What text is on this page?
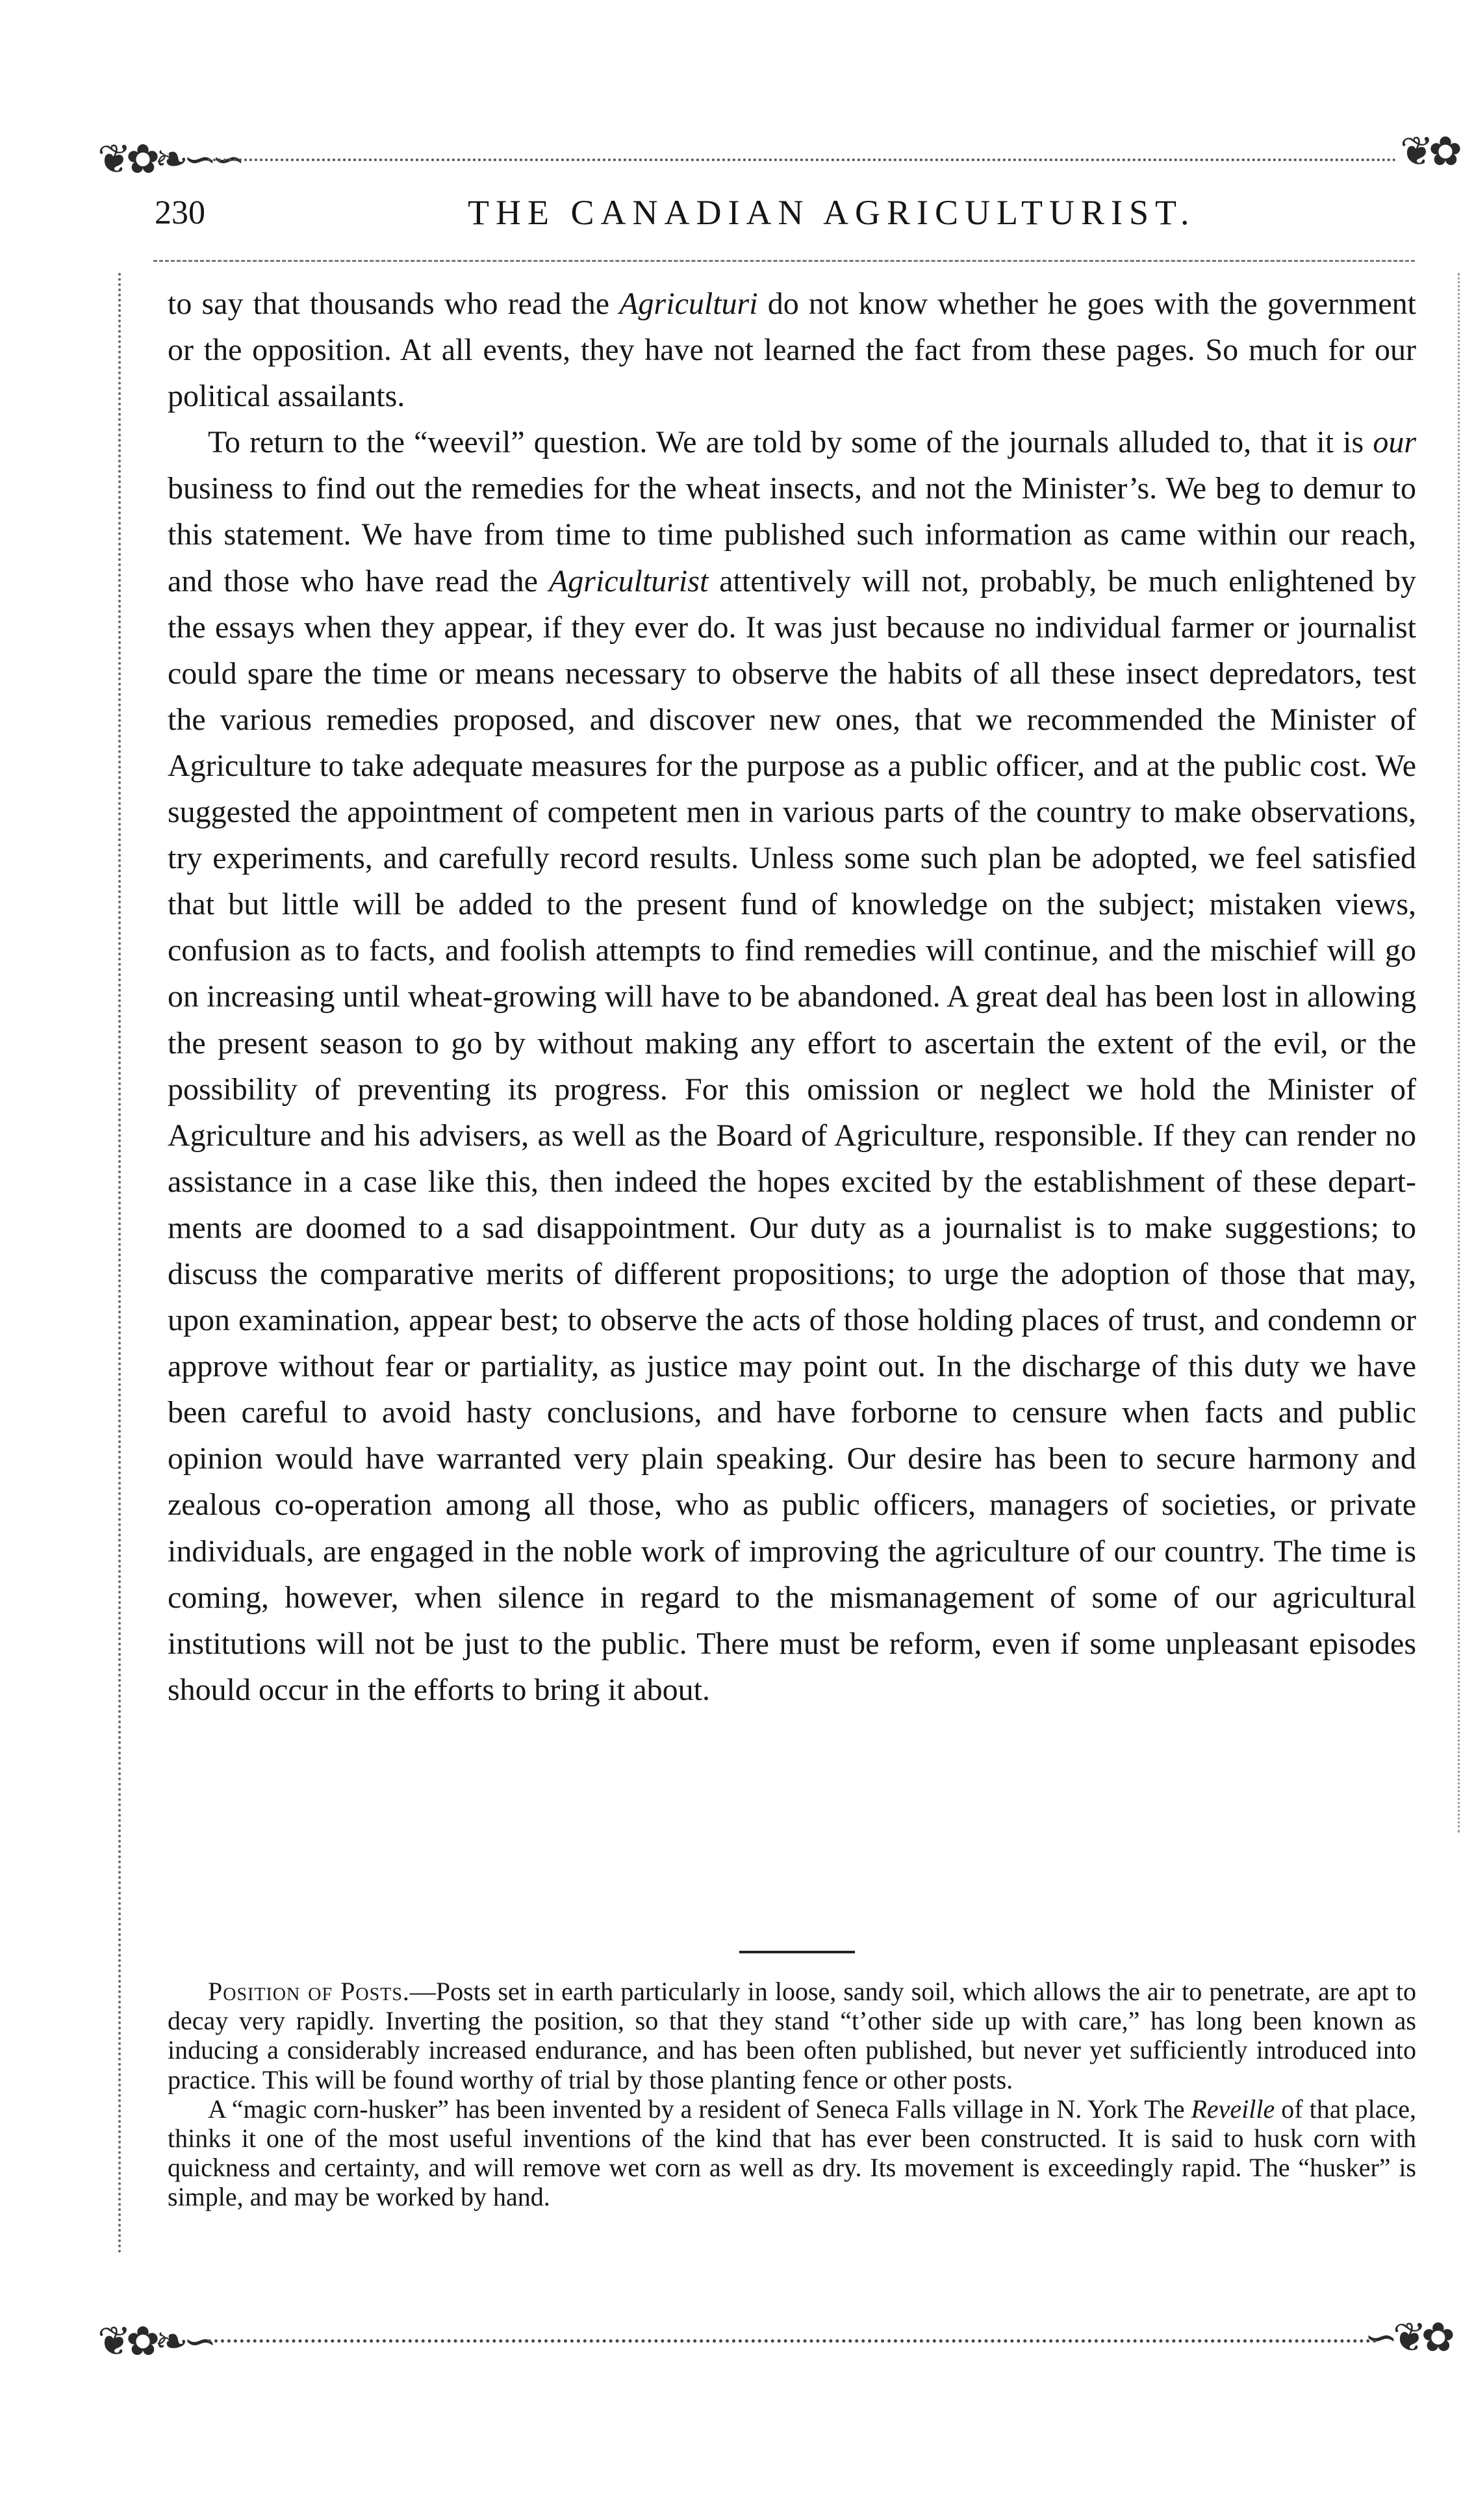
❦✿❧∽∽	❦✿
❦✿❧∽	∽❦✿
230	THE CANADIAN AGRICULTURIST.

to say that thousands who read the Agriculturi do not know whether he goes with the government or the opposition. At all events, they have not learned the fact from these pages. So much for our political assailants.

To return to the “weevil” question. We are told by some of the journals alluded to, that it is our business to find out the remedies for the wheat insects, and not the Minister’s. We beg to demur to this statement. We have from time to time published such information as came within our reach, and those who have read the Agriculturist attentively will not, probably, be much enlightened by the essays when they appear, if they ever do. It was just because no individual farmer or journalist could spare the time or means necessary to observe the habits of all these insect depredators, test the various remedies proposed, and discover new ones, that we recommended the Minister of Agriculture to take adequate measures for the purpose as a public officer, and at the public cost. We suggested the appointment of competent men in various parts of the country to make observations, try experiments, and carefully record results. Unless some such plan be adopted, we feel satisfied that but little will be added to the present fund of knowledge on the subject; mistaken views, confusion as to facts, and foolish attempts to find remedies will continue, and the mischief will go on increasing until wheat-growing will have to be abandoned. A great deal has been lost in allowing the present season to go by without making any effort to ascertain the extent of the evil, or the possibility of preventing its progress. For this omission or neglect we hold the Minister of Agriculture and his advisers, as well as the Board of Agriculture, responsible. If they can render no assistance in a case like this, then indeed the hopes excited by the establishment of these departments are doomed to a sad disappointment. Our duty as a journalist is to make suggestions; to discuss the comparative merits of different propositions; to urge the adoption of those that may, upon examination, appear best; to observe the acts of those holding places of trust, and condemn or approve without fear or partiality, as justice may point out. In the discharge of this duty we have been careful to avoid hasty conclusions, and have forborne to censure when facts and public opinion would have warranted very plain speaking. Our desire has been to secure harmony and zealous co-operation among all those, who as public officers, managers of societies, or private individuals, are engaged in the noble work of improving the agriculture of our country. The time is coming, however, when silence in regard to the mismanagement of some of our agricultural institutions will not be just to the public. There must be reform, even if some unpleasant episodes should occur in the efforts to bring it about.

Position of Posts.—Posts set in earth particularly in loose, sandy soil, which allows the air to penetrate, are apt to decay very rapidly. Inverting the position, so that they stand “t’other side up with care,” has long been known as inducing a considerably increased endurance, and has been often published, but never yet sufficiently introduced into practice. This will be found worthy of trial by those planting fence or other posts.

A “magic corn-husker” has been invented by a resident of Seneca Falls village in N. York The Reveille of that place, thinks it one of the most useful inventions of the kind that has ever been constructed. It is said to husk corn with quickness and certainty, and will remove wet corn as well as dry. Its movement is exceedingly rapid. The “husker” is simple, and may be worked by hand.
